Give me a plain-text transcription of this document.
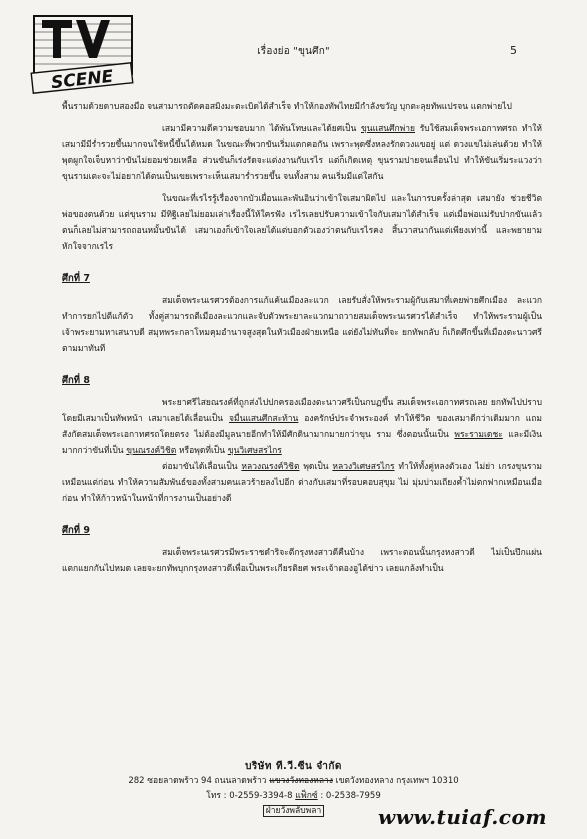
SCENE
เรื่องย่อ "ขุนศึก"	5

พื้นรามด้วยดาบสองมือ จนสามารถตัดคอสมิงมะตะเบิดได้สำเร็จ ทำให้กองทัพไทยมีกำลังขวัญ บุกตะลุยทัพแปรจน แตกพ่ายไป

เสมามีความดีความชอบมาก ได้พ้นโทษและได้ยศเป็น ขุนแสนศึกพ่าย รับใช้สมเด็จพระเอกาทศรถ ทำให้เสมามีมีร่ำรวยขึ้นมากจนใช้หนี้ขึ้นได้หมด ในขณะที่พวกขันเริ่มแตกคอกัน เพราะพุดซึ่งหลงรักดวงแขอยู่ แต่ ดวงแขไม่เล่นด้วย ทำให้พุดผูกใจเจ็บหาว่าขันไม่ยอมช่วยเหลือ ส่วนขันก็เร่งรัดจะแต่งงานกับเรไร แต่ก็เกิดเหตุ ขุนรามปายจนเลื่อนไป ทำให้ขันเริ่มระแวงว่าขุนรามเตะจะไม่อยากได้ตนเป็นเขยเพราะเห็นเสมาร่ำรวยขึ้น จนทั้งสาม คนเริ่มมีแต่ใสกัน

ในขณะที่เรไรรู้เรื่องจากบัวเผื่อนและพันอินว่าเข้าใจเสมาผิดไป และในการบครั้งล่าสุด เสมายัง ช่วยชีวิตพ่อของตนด้วย แต่ขุนราม มีทิฐิเลยไม่ยอมเล่าเรื่องนี้ให้ใครฟัง เรไรเลยปรับความเข้าใจกับเสมาได้สำเร็จ แต่เมื่อพ่อแม่รับปากขันแล้ว ตนก็เลยไม่สามารถถอนหมั้นขันได้ เสมาเองก็เข้าใจเลยได้แต่บอกตัวเองว่าตนกับเรไรคง สิ้นวาสนากันแต่เพียงเท่านี้ และพยายามหักใจจากเรไร

ศึกที่ 7

สมเด็จพระนเรศวรต้องการแก้แค้นเมืองละแวก เลยรับสั่งให้พระรามผู้กับเสมาที่เคยพ่ายศึกเมือง ละแวก ทำการยกไปตีแก้ตัว ทั้งคู่สามารถตีเมืองละแวกและจับตัวพระยาละแวกมาถวายสมเด็จพระนเรศวรได้สำเร็จ ทำให้พระรามผู้เป็นเจ้าพระยามหาเสนาบดี สมุหพระกลาโหมคุมอำนาจสูงสุดในหัวเมืองฝ่ายเหนือ แต่ยังไม่ทันที่จะ ยกทัพกลับ ก็เกิดศึกขึ้นที่เมืองตะนาวศรีตามมาทันที

ศึกที่ 8

พระยาศรีไสยณรงค์ที่ถูกส่งไปปกครองเมืองตะนาวศรีเป็นกบฏขึ้น สมเด็จพระเอกาทศรถเลย ยกทัพไปปราบโดยมีเสมาเป็นทัพหน้า เสมาเลยได้เลื่อนเป็น จมื่นแสนศึกสะท้าน องครักษ์ประจำพระองค์ ทำให้ชีวิต ของเสมาดีกว่าเดิมมาก แถมสังกัดสมเด็จพระเอกาทศรถโดยตรง ไม่ต้องมีมูลนายอีกทำให้มีศักดินามากมายกว่าขุน ราม ซึ่งตอนนั้นเป็น พระรามเดชะ และมีเงินมากกว่าขันที่เป็น ขุนณรงค์วิชิต หรือพุดที่เป็น ขุนวิเศษสรไกร

ต่อมาขันได้เลื่อนเป็น หลวงณรงค์วิชิต พุดเป็น หลวงวิเศษสรไกร ทำให้ทั้งคู่หลงตัวเอง ไม่ย่า เกรงขุนรามเหมือนแต่ก่อน ทำให้ความสัมพันธ์ของทั้งสามคนเลวร้ายลงไปอีก ต่างกับเสมาที่รอบคอบสุขุม ไม่ มุ่มบ่ามเถียงค้ำไม่ตกฟากเหมือนเมื่อก่อน ทำให้ก้าวหน้าในหน้าที่การงานเป็นอย่างดี

ศึกที่ 9

สมเด็จพระนเรศวรมีพระราชดำริจะตีกรุงหงสาวดีคืนบ้าง เพราะตอนนั้นกรุงหงสาวดี ไม่เป็นปึกแผ่น แตกแยกกันไปหมด เลยจะยกทัพบุกกรุงหงสาวดีเพื่อเป็นพระเกียรติยศ พระเจ้าตองอูได้ข่าว เลยแกล้งทำเป็น

บริษัท ที.วี.ซีน จำกัด
282 ซอยลาดพร้าว 94 ถนนลาดพร้าว แขวงวังทองหลาง เขตวังทองหลาง กรุงเทพฯ 10310
โทร : 0-2559-3394-8 แฟ็กซ์ : 0-2538-7959
ฝ่ายวังพลับพลา	www.tuiaf.com
